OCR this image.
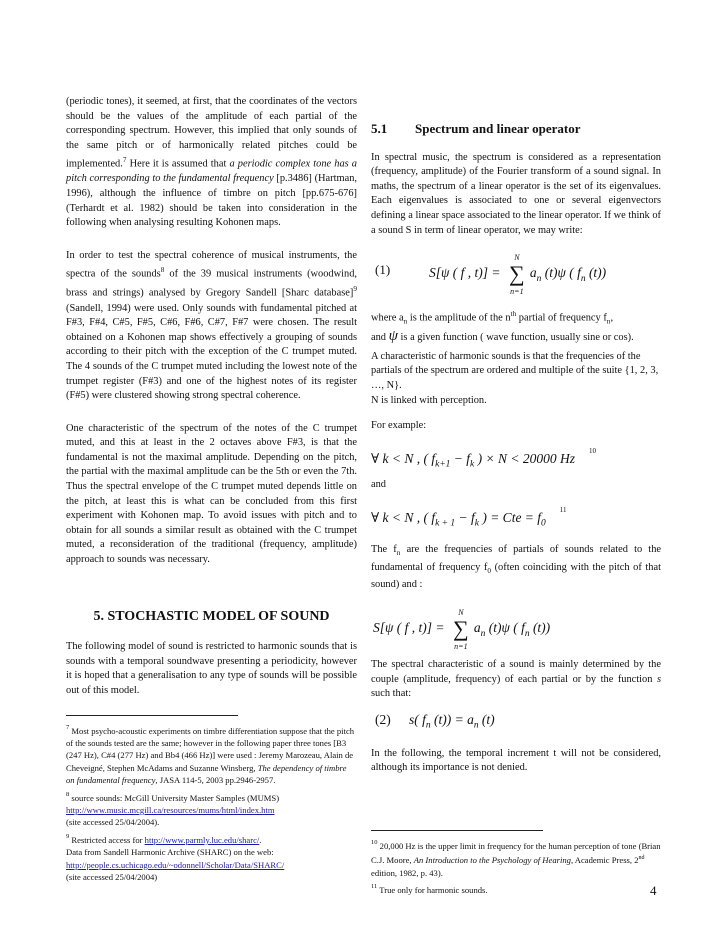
(periodic tones), it seemed, at first, that the coordinates of the vectors should be the values of the amplitude of each partial of the corresponding spectrum. However, this implied that only sounds of the same pitch or of harmonically related pitches could be implemented.$^7$ Here it is assumed that a periodic complex tone has a pitch corresponding to the fundamental frequency [p.3486] (Hartman, 1996), although the influence of timbre on pitch [pp.675-676] (Terhardt et al. 1982) should be taken into consideration in the following when analysing resulting Kohonen maps.

In order to test the spectral coherence of musical instruments, the spectra of the sounds$^8$ of the 39 musical instruments (woodwind, brass and strings) analysed by Gregory Sandell [Sharc database]$^9$ (Sandell, 1994) were used. Only sounds with fundamental pitched at F#3, F#4, C#5, F#5, C#6, F#6, C#7, F#7 were chosen. The result obtained on a Kohonen map shows effectively a grouping of sounds according to their pitch with the exception of the C trumpet muted. The 4 sounds of the C trumpet muted including the lowest note of the trumpet register (F#3) and one of the highest notes of its register (F#5) were clustered showing strong spectral coherence.

One characteristic of the spectrum of the notes of the C trumpet muted, and this at least in the 2 octaves above F#3, is that the fundamental is not the maximal amplitude. Depending on the pitch, the partial with the maximal amplitude can be the 5th or even the 7th. Thus the spectral envelope of the C trumpet muted depends little on the pitch, at least this is what can be concluded from this first experiment with Kohonen map. To avoid issues with pitch and to obtain for all sounds a similar result as obtained with the C trumpet muted, a reconsideration of the traditional (frequency, amplitude) approach to sounds was necessary.

5. STOCHASTIC MODEL OF SOUND

The following model of sound is restricted to harmonic sounds that is sounds with a temporal soundwave presenting a periodicity, however it is hoped that a generalisation to any type of sounds will be possible out of this model.

$^7$ Most psycho-acoustic experiments on timbre differentiation suppose that the pitch of the sounds tested are the same; however in the following paper three tones [B3 (247 Hz), C#4 (277 Hz) and Bb4 (466 Hz)] were used : Jeremy Marozeau, Alain de Cheveigné, Stephen McAdams and Suzanne Winsberg, The dependency of timbre on fundamental frequency, JASA 114-5, 2003 pp.2946-2957.

$^8$ source sounds: McGill University Master Samples (MUMS)
http://www.music.mcgill.ca/resources/mums/html/index.htm
(site accessed 25/04/2004).

$^9$ Restricted access for http://www.parmly.luc.edu/sharc/.
Data from Sandell Harmonic Archive (SHARC) on the web:
http://people.cs.uchicago.edu/~odonnell/Scholar/Data/SHARC/
(site accessed 25/04/2004)

5.1 Spectrum and linear operator

In spectral music, the spectrum is considered as a representation (frequency, amplitude) of the Fourier transform of a sound signal. In maths, the spectrum of a linear operator is the set of its eigenvalues. Each eigenvalues is associated to one or several eigenvectors defining a linear space associated to the linear operator. If we think of a sound S in term of linear operator, we may write:

(1)	S[ψ ( f , t)] =
N
∑
n=1
$a_n$ (t)ψ ( $f_n$ (t))

where $a_n$ is the amplitude of the $n^{th}$ partial of frequency $f_n$,
and ψ is a given function ( wave function, usually sine or cos).

A characteristic of harmonic sounds is that the frequencies of the partials of the spectrum are ordered and multiple of the suite {1, 2, 3, …, N}.
N is linked with perception.

For example:

∀ k < N , ( $f_{k+1} - f_k$ ) × N < 20000 Hz $^{10}$

and

∀ k < N , ( $f_{k + 1} - f_k$ ) = Cte = $f_0^{11}$

The $f_n$ are the frequencies of partials of sounds related to the fundamental of frequency $f_0$ (often coinciding with the pitch of that sound) and :

S[ψ ( f , t)] =
N
∑
n=1
$a_n$ (t)ψ ( $f_n$ (t))

The spectral characteristic of a sound is mainly determined by the couple (amplitude, frequency) of each partial or by the function s such that:

(2) s( $f_n$ $(t)) = a_n$ (t)

In the following, the temporal increment t will not be considered, although its importance is not denied.

$^{10}$ 20,000 Hz is the upper limit in frequency for the human perception of tone (Brian C.J. Moore, An Introduction to the Psychology of Hearing, Academic Press, 2nd edition, 1982, p. 43).

$^{11}$ True only for harmonic sounds.	4
